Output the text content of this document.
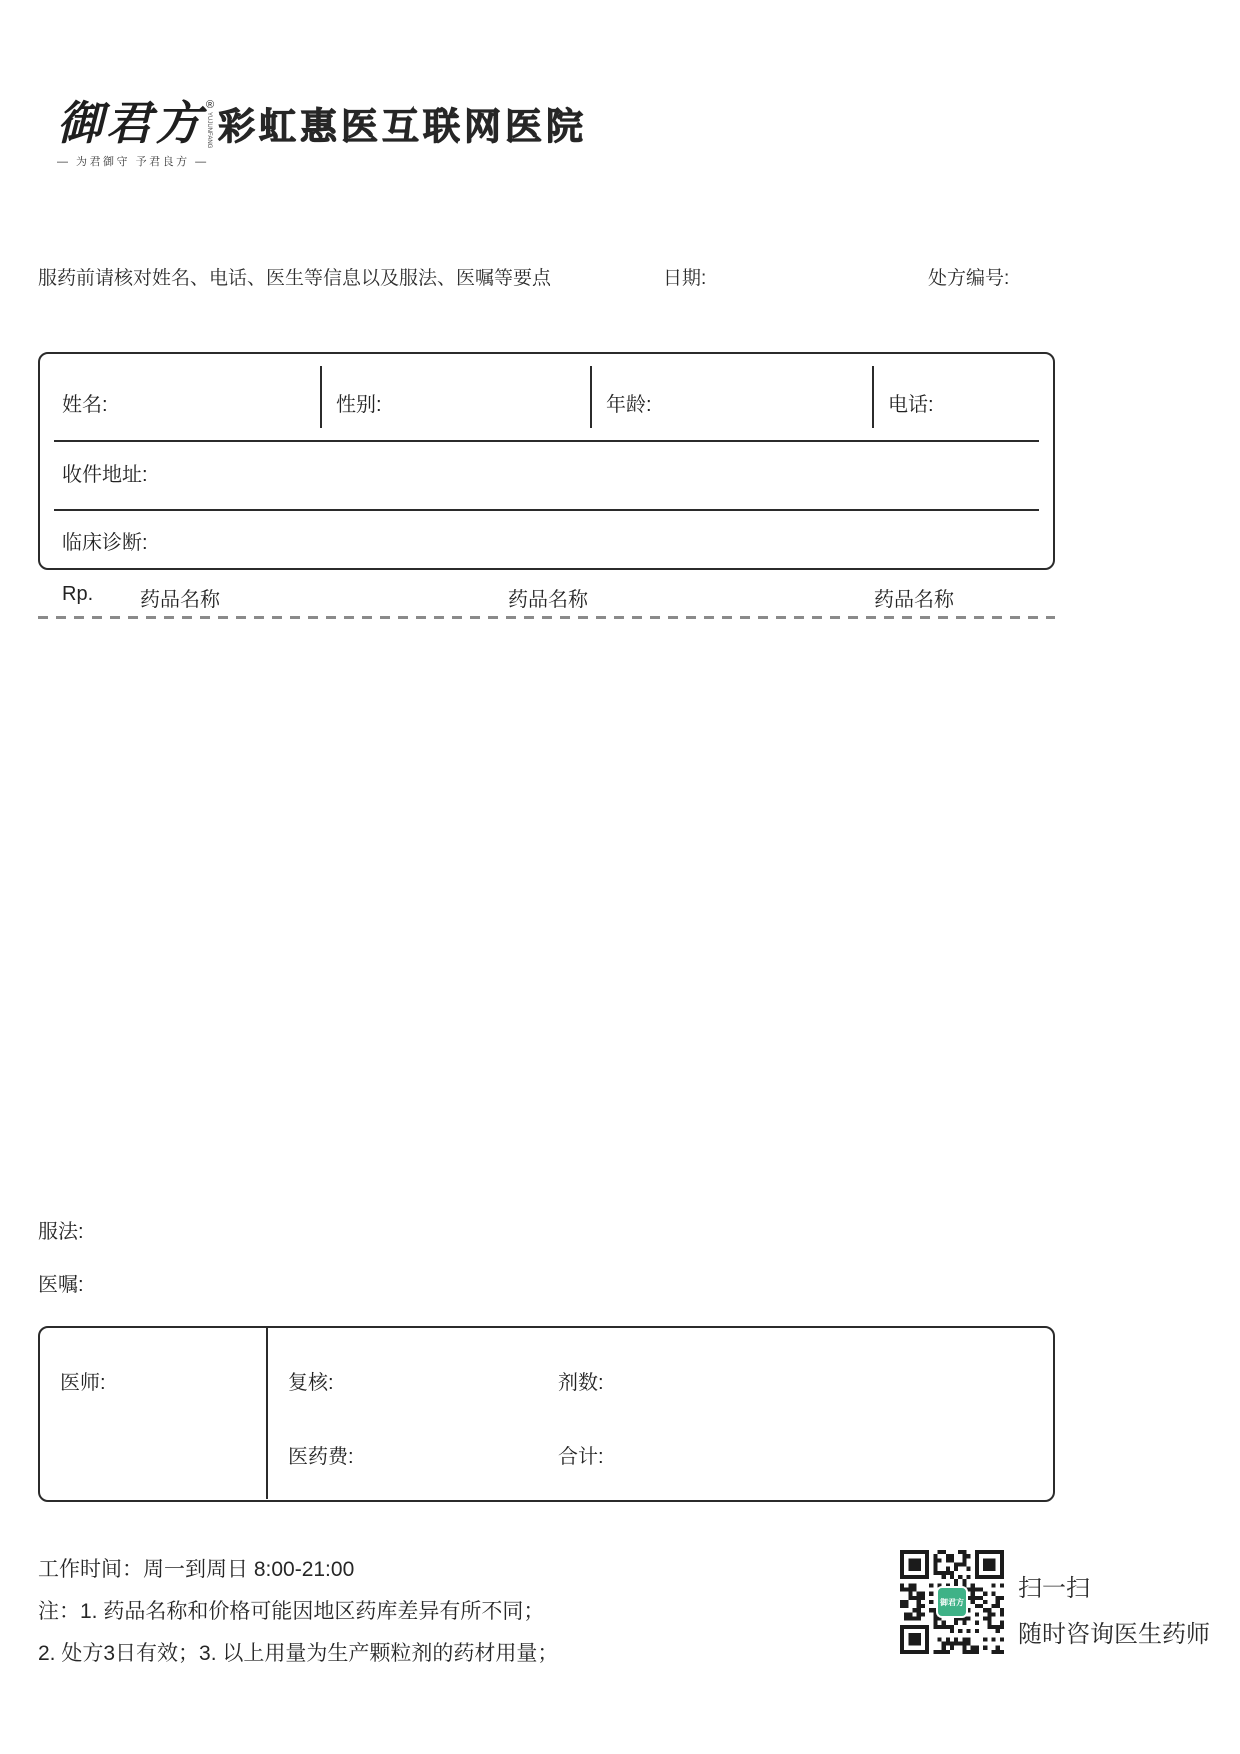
御君方 ®
YUJUNFANG
— 为君御守 予君良方 —
彩虹惠医互联网医院
服药前请核对姓名、电话、医生等信息以及服法、医嘱等要点	日期:	处方编号:
姓名:	性别:	年龄:	电话:
收件地址:
临床诊断:
Rp. 药品名称	药品名称	药品名称
服法:
医嘱:
医师:	复核:	剂数:
医药费:	合计:
工作时间：周一到周日 8:00-21:00
注：1. 药品名称和价格可能因地区药库差异有所不同；
2. 处方3日有效；3. 以上用量为生产颗粒剂的药材用量；
御君方 扫一扫
随时咨询医生药师
